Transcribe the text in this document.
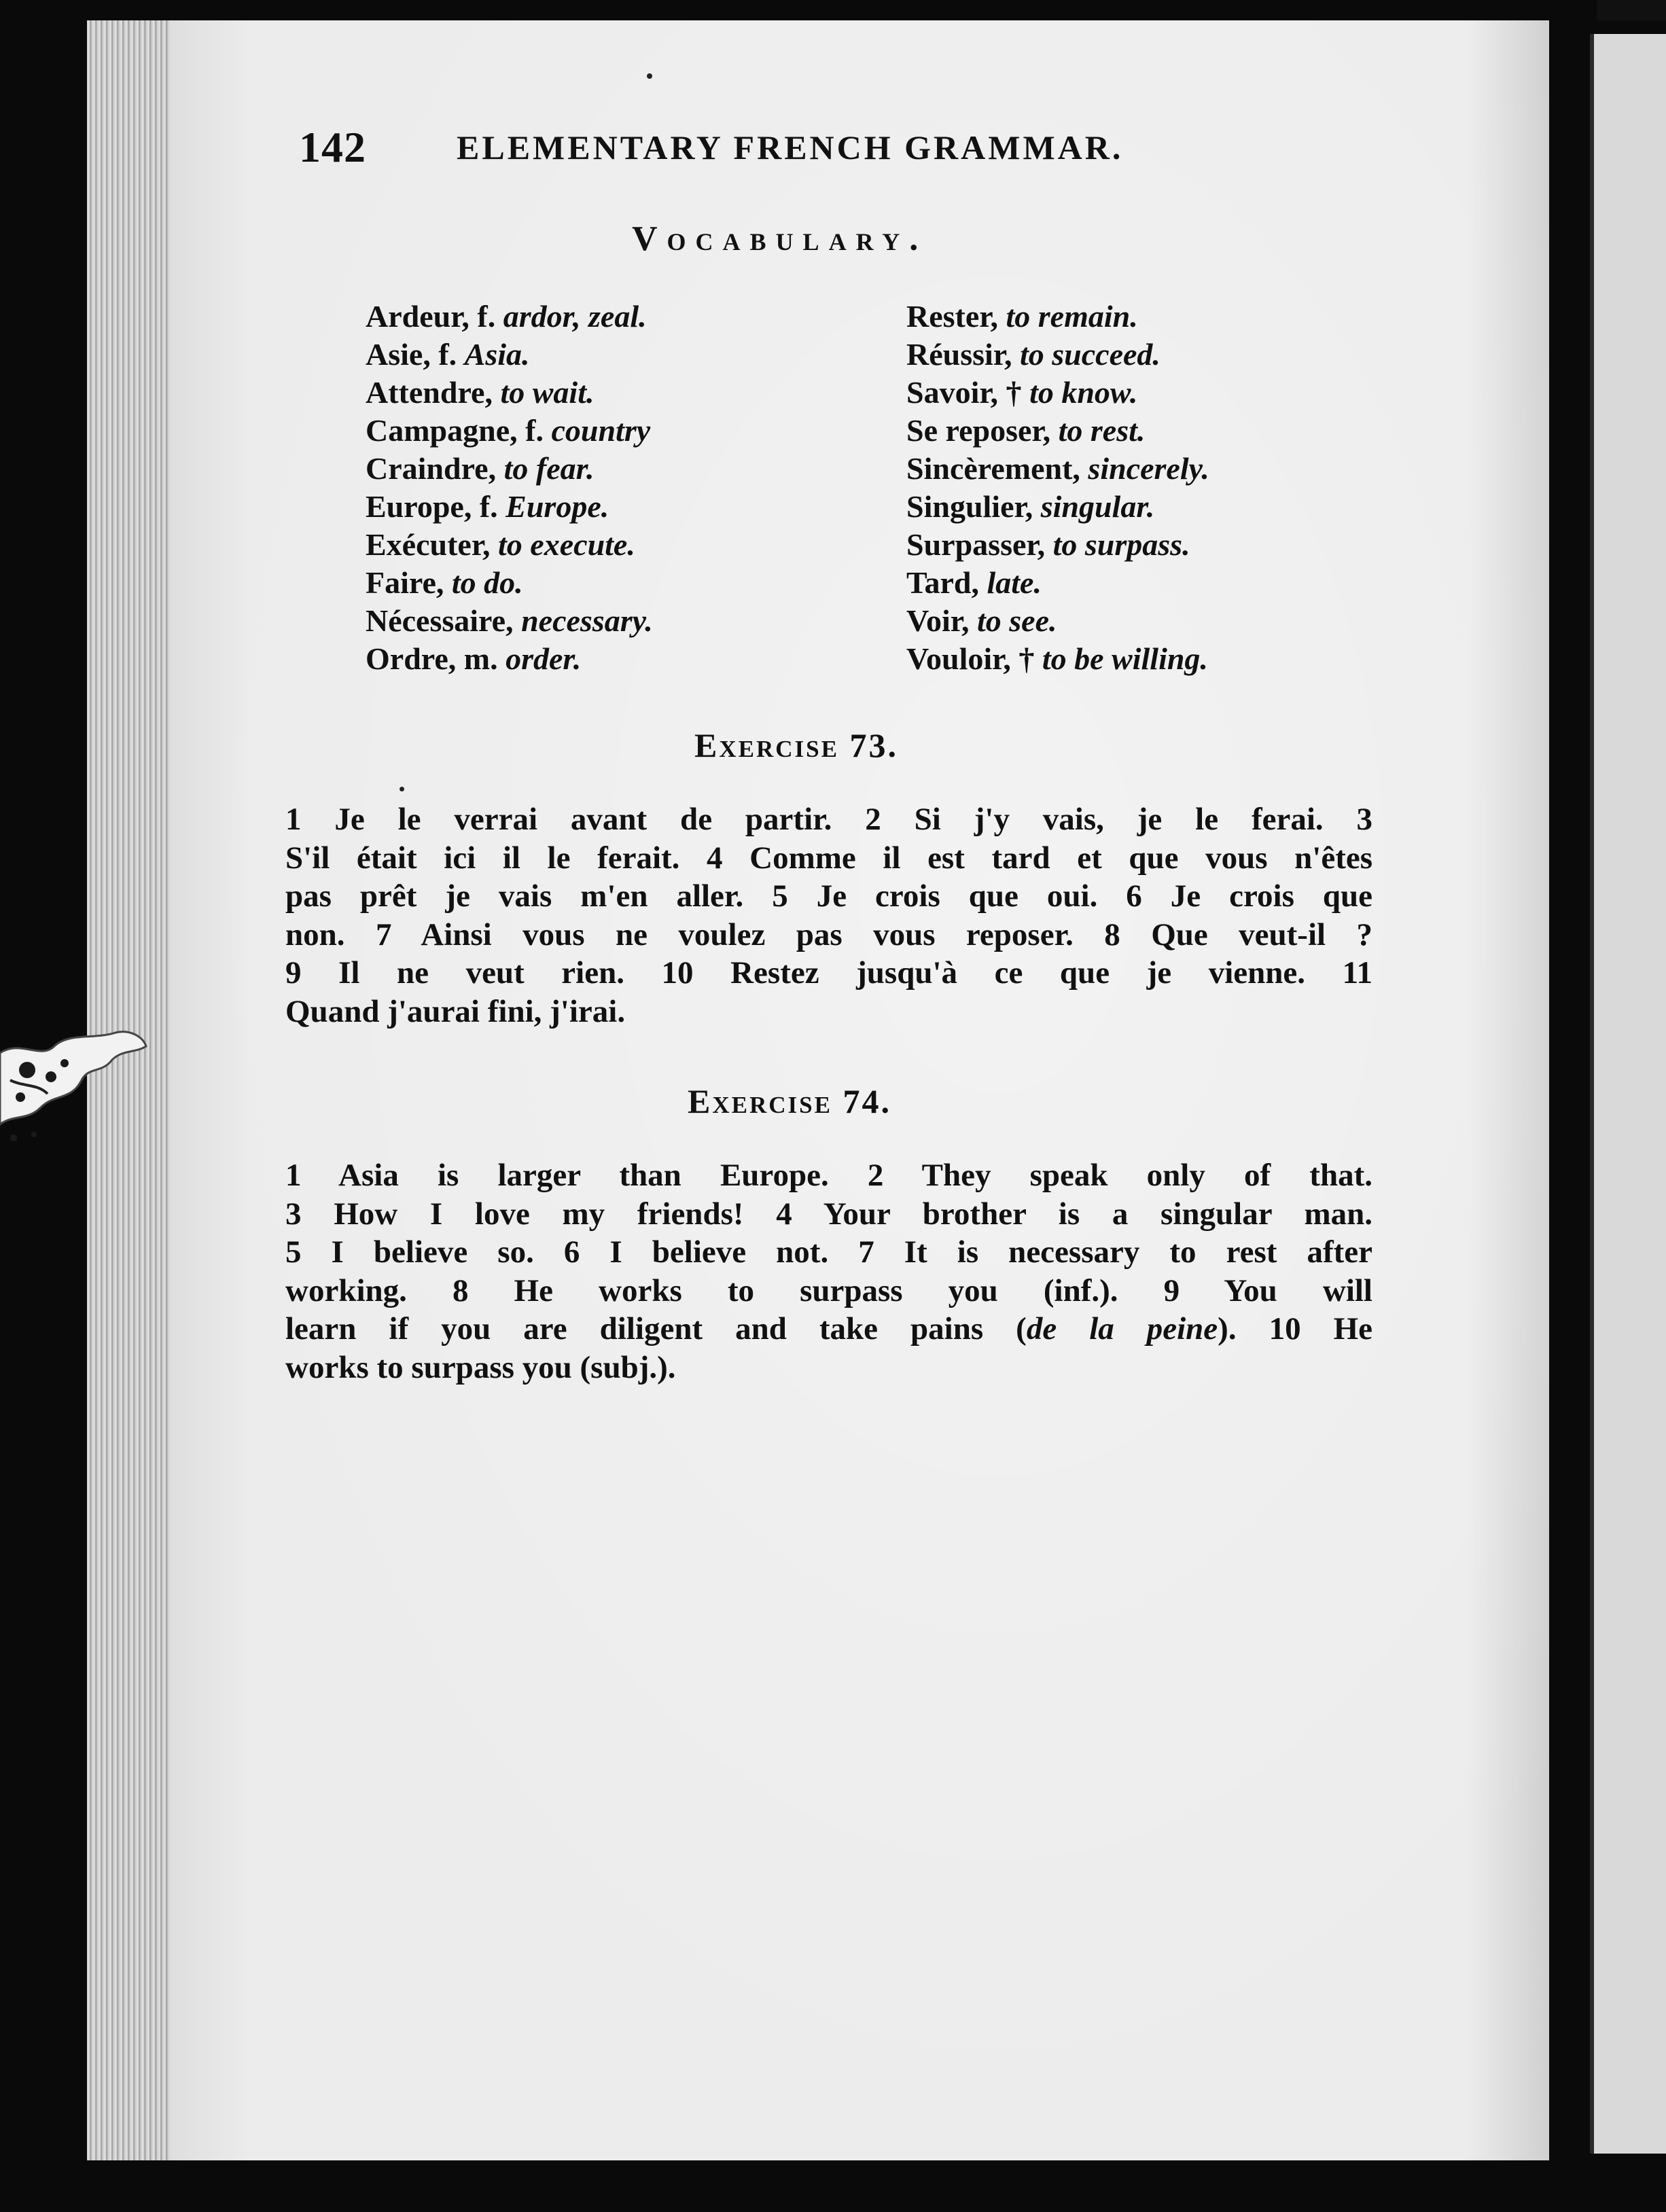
142	ELEMENTARY FRENCH GRAMMAR.
Vocabulary.
Ardeur, f. ardor, zeal.
Asie, f. Asia.
Attendre, to wait.
Campagne, f. country
Craindre, to fear.
Europe, f. Europe.
Exécuter, to execute.
Faire, to do.
Nécessaire, necessary.
Ordre, m. order.
Rester, to remain.
Réussir, to succeed.
Savoir, † to know.
Se reposer, to rest.
Sincèrement, sincerely.
Singulier, singular.
Surpasser, to surpass.
Tard, late.
Voir, to see.
Vouloir, † to be willing.
Exercise 73.
1 Je le verrai avant de partir. 2 Si j'y vais, je le ferai. 3
S'il était ici il le ferait. 4 Comme il est tard et que vous n'êtes
pas prêt je vais m'en aller. 5 Je crois que oui. 6 Je crois que
non. 7 Ainsi vous ne voulez pas vous reposer. 8 Que veut-il ?
9 Il ne veut rien. 10 Restez jusqu'à ce que je vienne. 11
Quand j'aurai fini, j'irai.
Exercise 74.
1 Asia is larger than Europe. 2 They speak only of that.
3 How I love my friends! 4 Your brother is a singular man.
5 I believe so. 6 I believe not. 7 It is necessary to rest after
working. 8 He works to surpass you (inf.). 9 You will
learn if you are diligent and take pains (de la peine). 10 He
works to surpass you (subj.).
